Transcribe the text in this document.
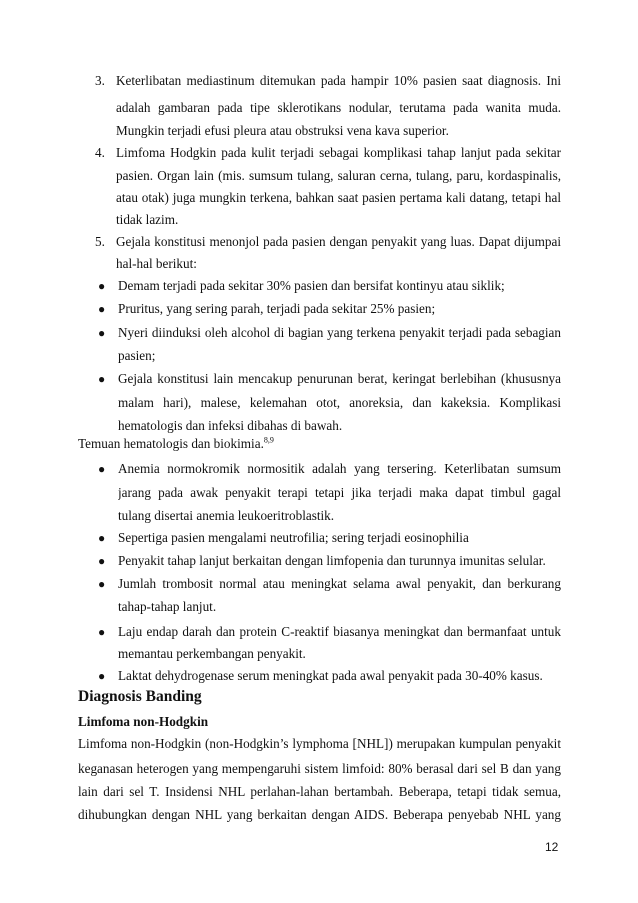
3. Keterlibatan mediastinum ditemukan pada hampir 10% pasien saat diagnosis. Ini
adalah gambaran pada tipe sklerotikans nodular, terutama pada wanita muda.
Mungkin terjadi efusi pleura atau obstruksi vena kava superior.
4. Limfoma Hodgkin pada kulit terjadi sebagai komplikasi tahap lanjut pada sekitar
pasien. Organ lain (mis. sumsum tulang, saluran cerna, tulang, paru, kordaspinalis,
atau otak) juga mungkin terkena, bahkan saat pasien pertama kali datang, tetapi hal
tidak lazim.
5. Gejala konstitusi menonjol pada pasien dengan penyakit yang luas. Dapat dijumpai
hal-hal berikut:
● Demam terjadi pada sekitar 30% pasien dan bersifat kontinyu atau siklik;
● Pruritus, yang sering parah, terjadi pada sekitar 25% pasien;
● Nyeri diinduksi oleh alcohol di bagian yang terkena penyakit terjadi pada sebagian
pasien;
● Gejala konstitusi lain mencakup penurunan berat, keringat berlebihan (khususnya
malam hari), malese, kelemahan otot, anoreksia, dan kakeksia. Komplikasi
hematologis dan infeksi dibahas di bawah.
Temuan hematologis dan biokimia.$^{8,9}$
● Anemia normokromik normositik adalah yang tersering. Keterlibatan sumsum
jarang pada awak penyakit terapi tetapi jika terjadi maka dapat timbul gagal
tulang disertai anemia leukoeritroblastik.
● Sepertiga pasien mengalami neutrofilia; sering terjadi eosinophilia
● Penyakit tahap lanjut berkaitan dengan limfopenia dan turunnya imunitas selular.
● Jumlah trombosit normal atau meningkat selama awal penyakit, dan berkurang
tahap-tahap lanjut.
● Laju endap darah dan protein C-reaktif biasanya meningkat dan bermanfaat untuk
memantau perkembangan penyakit.
● Laktat dehydrogenase serum meningkat pada awal penyakit pada 30-40% kasus.
Diagnosis Banding
Limfoma non-Hodgkin
Limfoma non-Hodgkin (non-Hodgkin’s lymphoma [NHL]) merupakan kumpulan penyakit
keganasan heterogen yang mempengaruhi sistem limfoid: 80% berasal dari sel B dan yang
lain dari sel T. Insidensi NHL perlahan-lahan bertambah. Beberapa, tetapi tidak semua,
dihubungkan dengan NHL yang berkaitan dengan AIDS. Beberapa penyebab NHL yang
12
